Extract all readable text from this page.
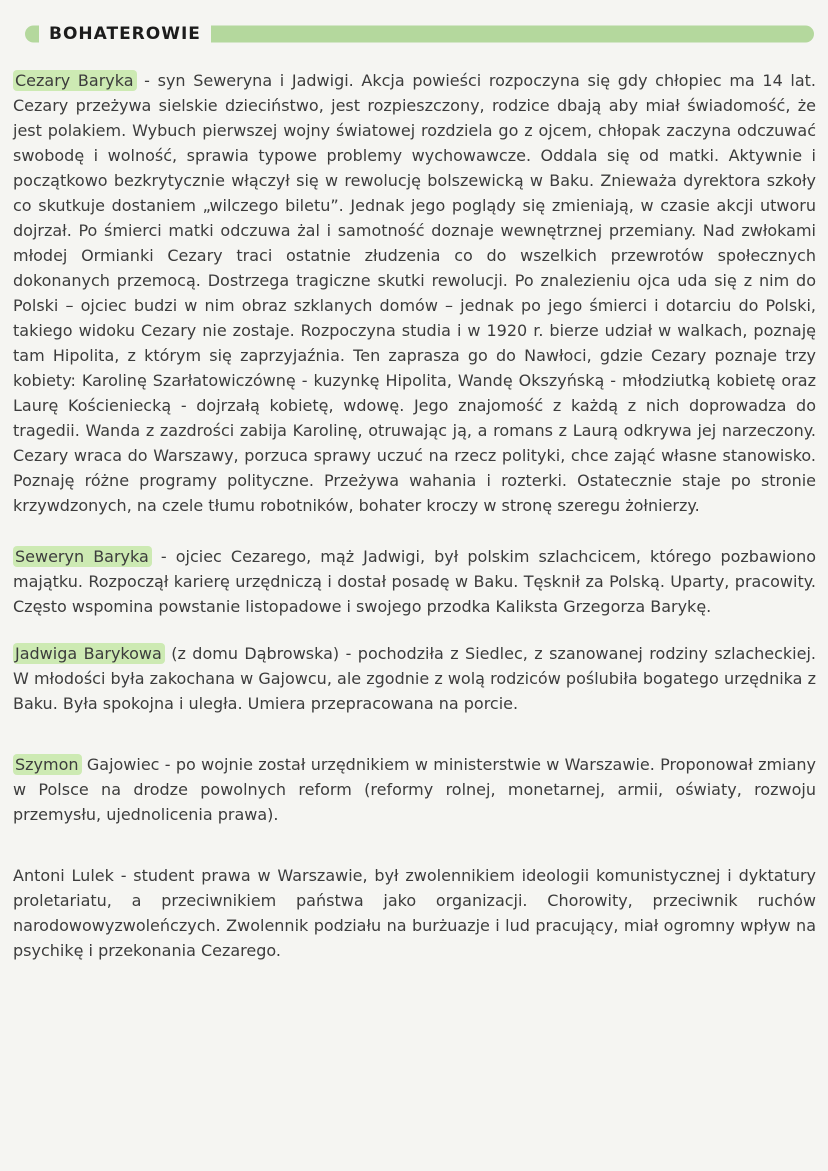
BOHATEROWIE

Cezary Baryka - syn Seweryna i Jadwigi. Akcja powieści rozpoczyna się gdy chłopiec ma 14 lat. Cezary przeżywa sielskie dzieciństwo, jest rozpieszczony, rodzice dbają aby miał świadomość, że jest polakiem. Wybuch pierwszej wojny światowej rozdziela go z ojcem, chłopak zaczyna odczuwać swobodę i wolność, sprawia typowe problemy wychowawcze. Oddala się od matki. Aktywnie i początkowo bezkrytycznie włączył się w rewolucję bolszewicką w Baku. Znieważa dyrektora szkoły co skutkuje dostaniem „wilczego biletu”. Jednak jego poglądy się zmieniają, w czasie akcji utworu dojrzał. Po śmierci matki odczuwa żal i samotność doznaje wewnętrznej przemiany. Nad zwłokami młodej Ormianki Cezary traci ostatnie złudzenia co do wszelkich przewrotów społecznych dokonanych przemocą. Dostrzega tragiczne skutki rewolucji. Po znalezieniu ojca uda się z nim do Polski – ojciec budzi w nim obraz szklanych domów – jednak po jego śmierci i dotarciu do Polski, takiego widoku Cezary nie zostaje. Rozpoczyna studia i w 1920 r. bierze udział w walkach, poznaję tam Hipolita, z którym się zaprzyjaźnia. Ten zaprasza go do Nawłoci, gdzie Cezary poznaje trzy kobiety: Karolinę Szarłatowiczównę - kuzynkę Hipolita, Wandę Okszyńską - młodziutką kobietę oraz Laurę Kościeniecką - dojrzałą kobietę, wdowę. Jego znajomość z każdą z nich doprowadza do tragedii. Wanda z zazdrości zabija Karolinę, otruwając ją, a romans z Laurą odkrywa jej narzeczony. Cezary wraca do Warszawy, porzuca sprawy uczuć na rzecz polityki, chce zająć własne stanowisko. Poznaję różne programy polityczne. Przeżywa wahania i rozterki. Ostatecznie staje po stronie krzywdzonych, na czele tłumu robotników, bohater kroczy w stronę szeregu żołnierzy.

Seweryn Baryka - ojciec Cezarego, mąż Jadwigi, był polskim szlachcicem, którego pozbawiono majątku. Rozpoczął karierę urzędniczą i dostał posadę w Baku. Tęsknił za Polską. Uparty, pracowity. Często wspomina powstanie listopadowe i swojego przodka Kaliksta Grzegorza Barykę.

Jadwiga Barykowa (z domu Dąbrowska) - pochodziła z Siedlec, z szanowanej rodziny szlacheckiej. W młodości była zakochana w Gajowcu, ale zgodnie z wolą rodziców poślubiła bogatego urzędnika z Baku. Była spokojna i uległa. Umiera przepracowana na porcie.

Szymon Gajowiec - po wojnie został urzędnikiem w ministerstwie w Warszawie. Proponował zmiany w Polsce na drodze powolnych reform (reformy rolnej, monetarnej, armii, oświaty, rozwoju przemysłu, ujednolicenia prawa).

Antoni Lulek - student prawa w Warszawie, był zwolennikiem ideologii komunistycznej i dyktatury proletariatu, a przeciwnikiem państwa jako organizacji. Chorowity, przeciwnik ruchów narodowowyzwoleńczych. Zwolennik podziału na burżuazje i lud pracujący, miał ogromny wpływ na psychikę i przekonania Cezarego.
